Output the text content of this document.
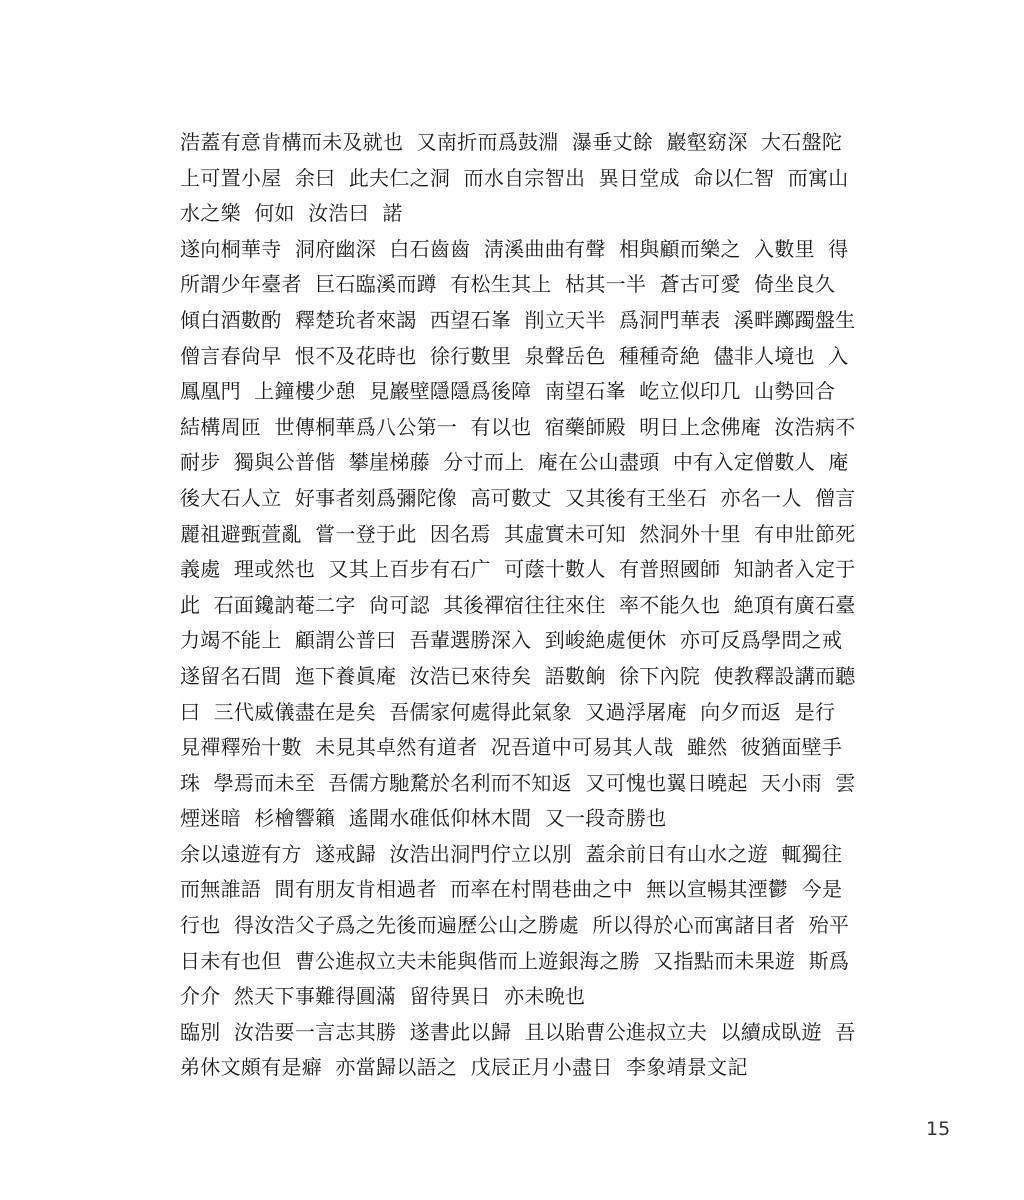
浩蓋有意肯構而未及就也  又南折而爲鼓淵  瀑垂丈餘  巖壑窈深  大石盤陀
上可置小屋  余曰  此夫仁之洞  而水自宗智出  異日堂成  命以仁智  而寓山
水之樂  何如  汝浩曰  諾

遂向桐華寺  洞府幽深  白石齒齒  淸溪曲曲有聲  相與顧而樂之  入數里  得
所謂少年臺者  巨石臨溪而蹲  有松生其上  枯其一半  蒼古可愛  倚坐良久
傾白酒數酌  釋楚玧者來謁  西望石峯  削立天半  爲洞門華表  溪畔躑躅盤生
僧言春尙早  恨不及花時也  徐行數里  泉聲岳色  種種奇絶  儘非人境也  入
鳳凰門  上鐘樓少憩  見巖壁隱隱爲後障  南望石峯  屹立似印几  山勢回合
結構周匝  世傳桐華爲八公第一  有以也  宿藥師殿  明日上念佛庵  汝浩病不
耐步  獨與公普偕  攀崖梯藤  分寸而上  庵在公山盡頭  中有入定僧數人  庵
後大石人立  好事者刻爲彌陀像  高可數丈  又其後有王坐石  亦名一人  僧言
麗祖避甄萱亂  嘗一登于此  因名焉  其虛實未可知  然洞外十里  有申壯節死
義處  理或然也  又其上百步有石广  可蔭十數人  有普照國師  知訥者入定于
此  石面鑱訥菴二字  尙可認  其後禪宿往往來住  率不能久也  絶頂有廣石臺
力竭不能上  顧謂公普曰  吾輩選勝深入  到峻絶處便休  亦可反爲學問之戒
遂留名石間  迤下養眞庵  汝浩已來待矣  語數餉  徐下內院  使教釋設講而聽
曰  三代威儀盡在是矣  吾儒家何處得此氣象  又過浮屠庵  向夕而返  是行
見禪釋殆十數  未見其卓然有道者  况吾道中可易其人哉  雖然  彼猶面壁手
珠  學焉而未至  吾儒方馳騖於名利而不知返  又可愧也翼日曉起  天小雨  雲
煙迷暗  杉檜響籟  遙聞水碓低仰林木間  又一段奇勝也

余以遠遊有方  遂戒歸  汝浩出洞門佇立以別  蓋余前日有山水之遊  輒獨往
而無誰語  間有朋友肯相過者  而率在村閈巷曲之中  無以宣暢其湮鬱  今是
行也  得汝浩父子爲之先後而遍歷公山之勝處  所以得於心而寓諸目者  殆平
日未有也但  曹公進叔立夫未能與偕而上遊銀海之勝  又指點而未果遊  斯爲
介介  然天下事難得圓滿  留待異日  亦未晩也

臨別  汝浩要一言志其勝  遂書此以歸  且以貽曹公進叔立夫  以續成臥遊  吾
弟休文頗有是癖  亦當歸以語之  戊辰正月小盡日  李象靖景文記

15
